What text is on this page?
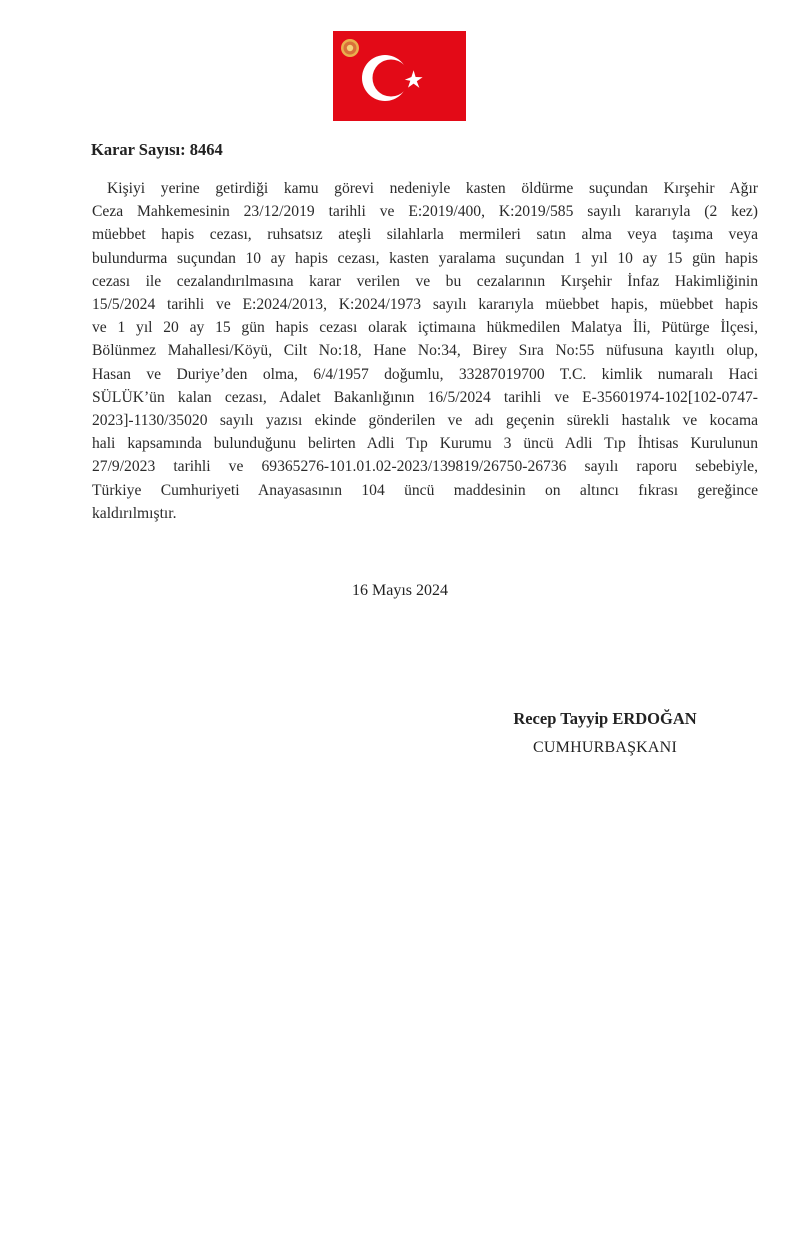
Karar Sayısı: 8464
Kişiyi yerine getirdiği kamu görevi nedeniyle kasten öldürme suçundan Kırşehir Ağır
Ceza Mahkemesinin 23/12/2019 tarihli ve E:2019/400, K:2019/585 sayılı kararıyla (2 kez)
müebbet hapis cezası, ruhsatsız ateşli silahlarla mermileri satın alma veya taşıma veya
bulundurma suçundan 10 ay hapis cezası, kasten yaralama suçundan 1 yıl 10 ay 15 gün hapis
cezası ile cezalandırılmasına karar verilen ve bu cezalarının Kırşehir İnfaz Hakimliğinin
15/5/2024 tarihli ve E:2024/2013, K:2024/1973 sayılı kararıyla müebbet hapis, müebbet hapis
ve 1 yıl 20 ay 15 gün hapis cezası olarak içtimaına hükmedilen Malatya İli, Pütürge İlçesi,
Bölünmez Mahallesi/Köyü, Cilt No:18, Hane No:34, Birey Sıra No:55 nüfusuna kayıtlı olup,
Hasan ve Duriye’den olma, 6/4/1957 doğumlu, 33287019700 T.C. kimlik numaralı Haci
SÜLÜK’ün kalan cezası, Adalet Bakanlığının 16/5/2024 tarihli ve E-35601974-102[102-0747-
2023]-1130/35020 sayılı yazısı ekinde gönderilen ve adı geçenin sürekli hastalık ve kocama
hali kapsamında bulunduğunu belirten Adli Tıp Kurumu 3 üncü Adli Tıp İhtisas Kurulunun
27/9/2023 tarihli ve 69365276-101.01.02-2023/139819/26750-26736 sayılı raporu sebebiyle,
Türkiye Cumhuriyeti Anayasasının 104 üncü maddesinin on altıncı fıkrası gereğince
kaldırılmıştır.
16 Mayıs 2024
Recep Tayyip ERDOĞAN
CUMHURBAŞKANI
